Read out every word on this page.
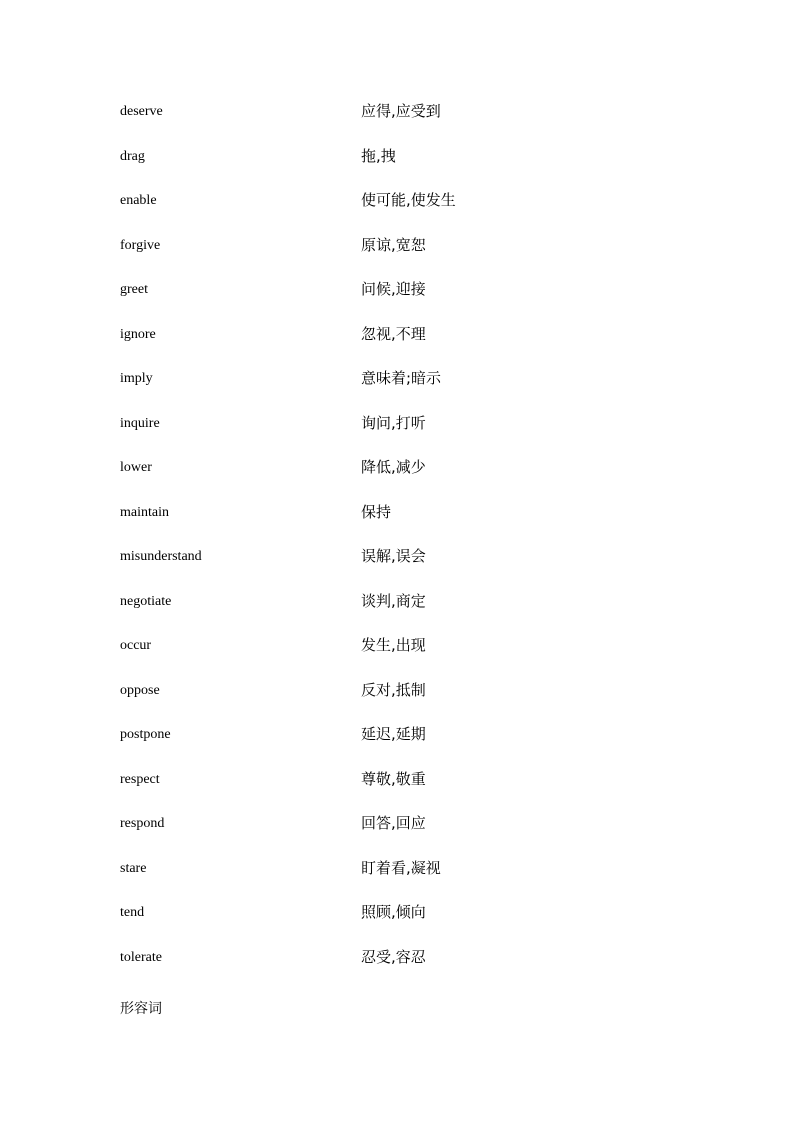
deserve	应得,应受到
drag	拖,拽
enable	使可能,使发生
forgive	原谅,宽恕
greet	问候,迎接
ignore	忽视,不理
imply	意味着;暗示
inquire	询问,打听
lower	降低,减少
maintain	保持
misunderstand	误解,误会
negotiate	谈判,商定
occur	发生,出现
oppose	反对,抵制
postpone	延迟,延期
respect	尊敬,敬重
respond	回答,回应
stare	盯着看,凝视
tend	照顾,倾向
tolerate	忍受,容忍
形容词
